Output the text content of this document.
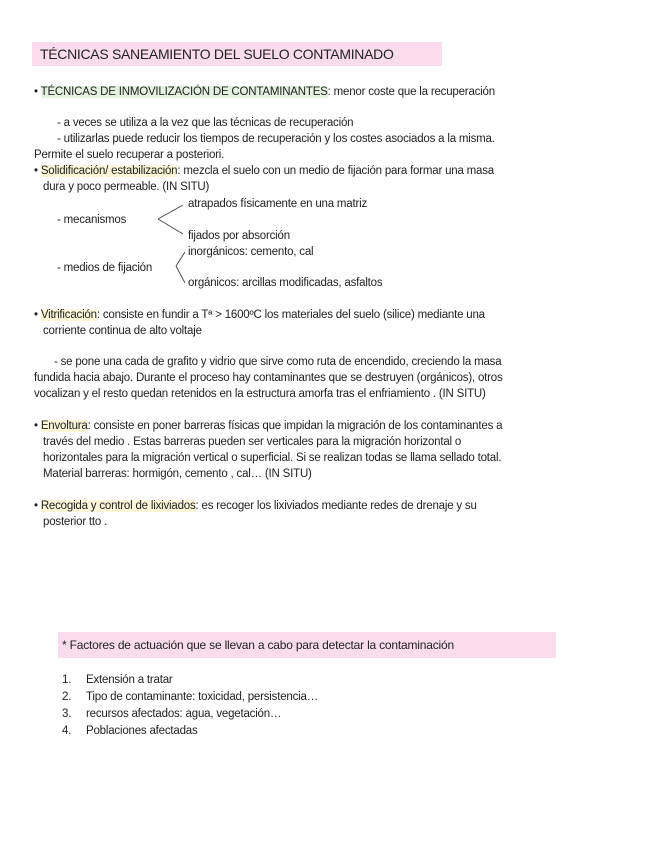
TÉCNICAS SANEAMIENTO DEL SUELO CONTAMINADO
• TÉCNICAS DE INMOVILIZACIÓN DE CONTAMINANTES: menor coste que la recuperación
- a veces se utiliza a la vez que las técnicas de recuperación
- utilizarlas puede reducir los tiempos de recuperación y los costes asociados a la misma.
Permite el suelo recuperar a posteriori.
• Solidificación/ estabilización: mezcla el suelo con un medio de fijación para formar una masa
dura y poco permeable. (IN SITU)
atrapados físicamente en una matriz
- mecanismos
fijados por absorción
inorgánicos: cemento, cal
- medios de fijación
orgánicos: arcillas modificadas, asfaltos
• Vitrificación: consiste en fundir a Tª > 1600ºC los materiales del suelo (silice) mediante una
corriente continua de alto voltaje
- se pone una cada de grafito y vidrio que sirve como ruta de encendido, creciendo la masa
fundida hacia abajo. Durante el proceso hay contaminantes que se destruyen (orgánicos), otros
vocalizan y el resto quedan retenidos en la estructura amorfa tras el enfriamiento . (IN SITU)
• Envoltura: consiste en poner barreras físicas que impidan la migración de los contaminantes a
través del medio . Estas barreras pueden ser verticales para la migración horizontal o
horizontales para la migración vertical o superficial. Si se realizan todas se llama sellado total.
Material barreras: hormigón, cemento , cal… (IN SITU)
• Recogida y control de lixiviados: es recoger los lixiviados mediante redes de drenaje y su
posterior tto .
* Factores de actuación que se llevan a cabo para detectar la contaminación
1. Extensión a tratar
2. Tipo de contaminante: toxicidad, persistencia…
3. recursos afectados: agua, vegetación…
4. Poblaciones afectadas
